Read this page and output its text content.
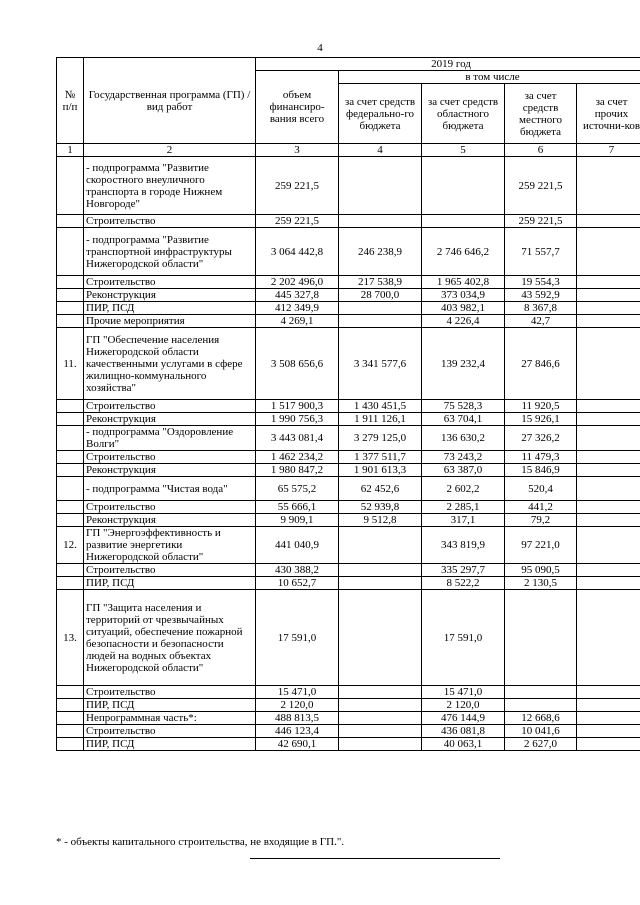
4
№ п/п	Государственная программа (ГП) / вид работ	2019 год				
		объем финансиро-вания всего	в том числе			
			за счет средств федерально-го бюджета	за счет средств областного бюджета	за счет средств местного бюджета	за счет прочих источни-ков
1	2	3	4	5	6	7
	- подпрограмма "Развитие скоростного внеуличного транспорта в городе Нижнем Новгороде"	259 221,5			259 221,5	
	Строительство	259 221,5			259 221,5	
	- подпрограмма "Развитие транспортной инфраструктуры Нижегородской области"	3 064 442,8	246 238,9	2 746 646,2	71 557,7	
	Строительство	2 202 496,0	217 538,9	1 965 402,8	19 554,3	
	Реконструкция	445 327,8	28 700,0	373 034,9	43 592,9	
	ПИР, ПСД	412 349,9		403 982,1	8 367,8	
	Прочие мероприятия	4 269,1		4 226,4	42,7	
11.	ГП "Обеспечение населения Нижегородской области качественными услугами в сфере жилищно-коммунального хозяйства"	3 508 656,6	3 341 577,6	139 232,4	27 846,6	
	Строительство	1 517 900,3	1 430 451,5	75 528,3	11 920,5	
	Реконструкция	1 990 756,3	1 911 126,1	63 704,1	15 926,1	
	- подпрограмма "Оздоровление Волги"	3 443 081,4	3 279 125,0	136 630,2	27 326,2	
	Строительство	1 462 234,2	1 377 511,7	73 243,2	11 479,3	
	Реконструкция	1 980 847,2	1 901 613,3	63 387,0	15 846,9	
	- подпрограмма "Чистая вода"	65 575,2	62 452,6	2 602,2	520,4	
	Строительство	55 666,1	52 939,8	2 285,1	441,2	
	Реконструкция	9 909,1	9 512,8	317,1	79,2	
12.	ГП "Энергоэффективность и развитие энергетики Нижегородской области"	441 040,9		343 819,9	97 221,0	
	Строительство	430 388,2		335 297,7	95 090,5	
	ПИР, ПСД	10 652,7		8 522,2	2 130,5	
13.	ГП "Защита населения и территорий от чрезвычайных ситуаций, обеспечение пожарной безопасности и безопасности людей на водных объектах Нижегородской области"	17 591,0		17 591,0		
	Строительство	15 471,0		15 471,0		
	ПИР, ПСД	2 120,0		2 120,0		
	Непрограммная часть*:	488 813,5		476 144,9	12 668,6	
	Строительство	446 123,4		436 081,8	10 041,6	
	ПИР, ПСД	42 690,1		40 063,1	2 627,0	
* - объекты капитального строительства, не входящие в ГП.".
